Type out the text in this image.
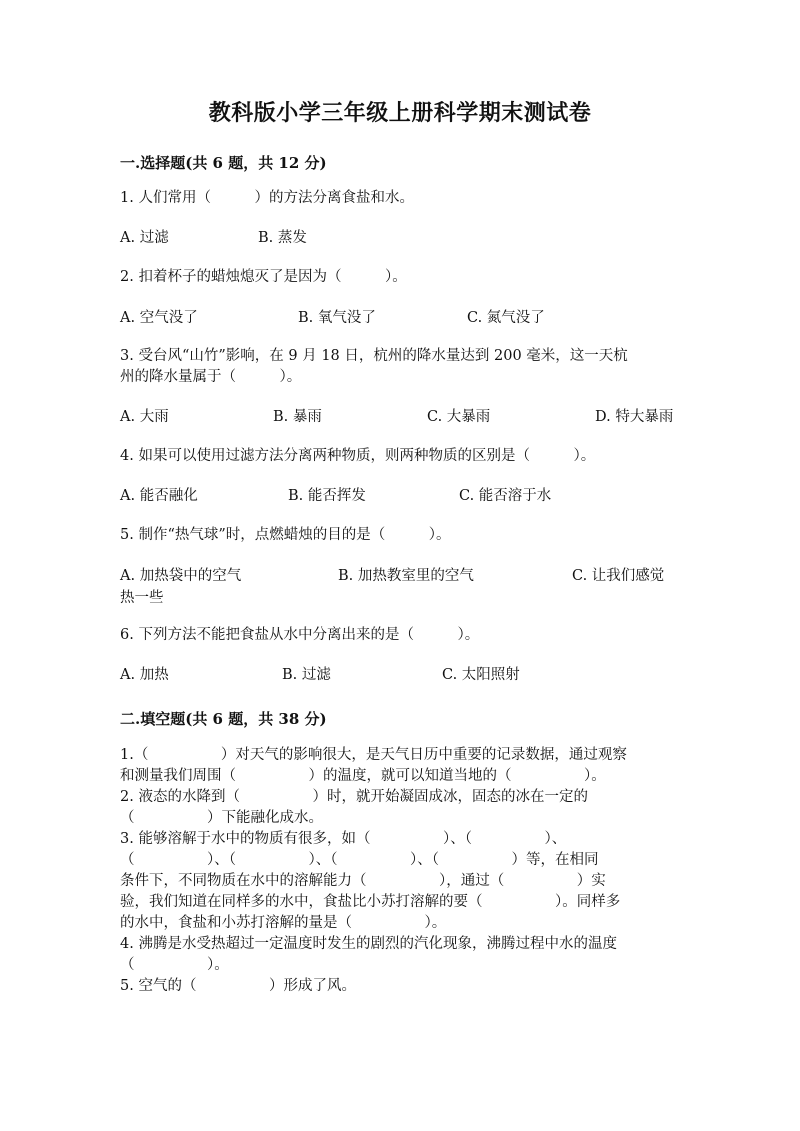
教科版小学三年级上册科学期末测试卷
一.选择题(共 6 题，共 12 分)
1. 人们常用（　　　）的方法分离食盐和水。
A. 过滤	B. 蒸发
2. 扣着杯子的蜡烛熄灭了是因为（　　　）。
A. 空气没了	B. 氧气没了	C. 氮气没了
3. 受台风“山竹”影响，在 9 月 18 日，杭州的降水量达到 200 毫米，这一天杭
州的降水量属于（　　　）。
A. 大雨	B. 暴雨	C. 大暴雨	D. 特大暴雨
4. 如果可以使用过滤方法分离两种物质，则两种物质的区别是（　　　）。
A. 能否融化	B. 能否挥发	C. 能否溶于水
5. 制作“热气球”时，点燃蜡烛的目的是（　　　）。
A. 加热袋中的空气	B. 加热教室里的空气	C. 让我们感觉
热一些
6. 下列方法不能把食盐从水中分离出来的是（　　　）。
A. 加热	B. 过滤	C. 太阳照射
二.填空题(共 6 题，共 38 分)
1.（　　　　　）对天气的影响很大，是天气日历中重要的记录数据，通过观察
和测量我们周围（　　　　　）的温度，就可以知道当地的（　　　　　）。
2. 液态的水降到（　　　　　）时，就开始凝固成冰，固态的冰在一定的
（　　　　　）下能融化成水。
3. 能够溶解于水中的物质有很多，如（　　　　　）、（　　　　　）、
（　　　　　）、（　　　　　）、（　　　　　）、（　　　　　）等，在相同
条件下，不同物质在水中的溶解能力（　　　　　），通过（　　　　　）实
验，我们知道在同样多的水中，食盐比小苏打溶解的要（　　　　　）。同样多
的水中，食盐和小苏打溶解的量是（　　　　　）。
4. 沸腾是水受热超过一定温度时发生的剧烈的汽化现象，沸腾过程中水的温度
（　　　　　）。
5. 空气的（　　　　　）形成了风。
